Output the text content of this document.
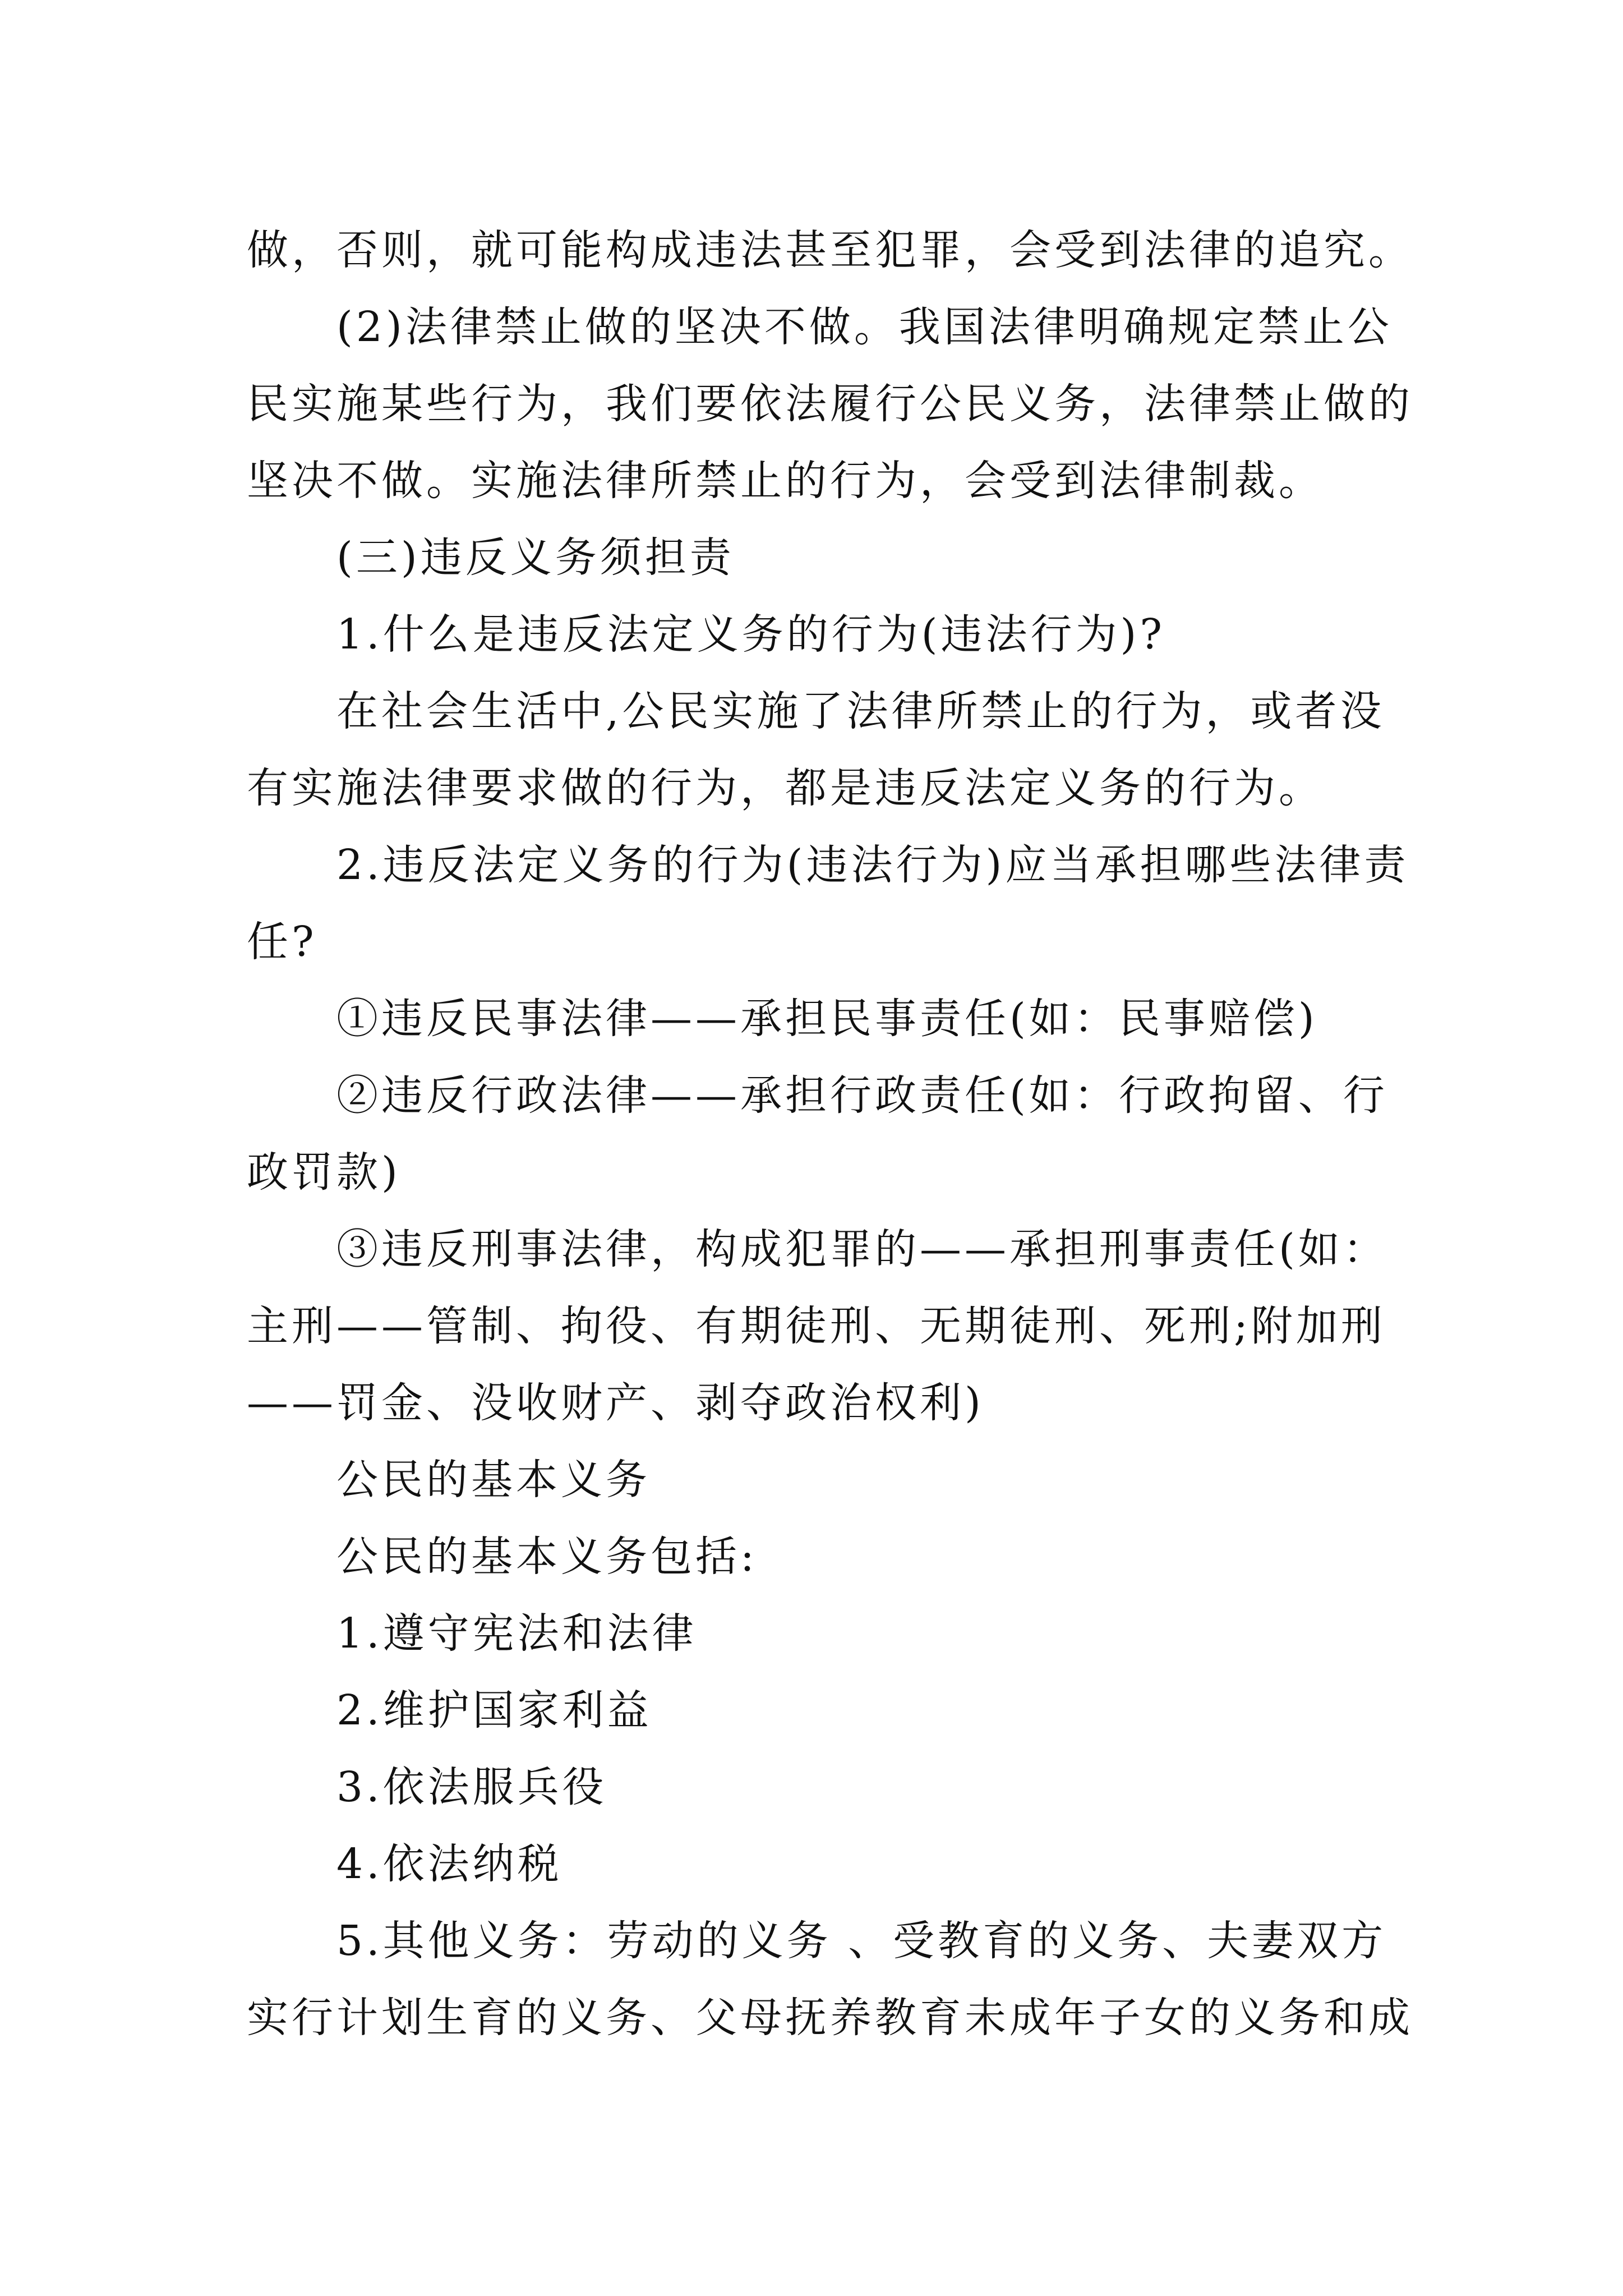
做，否则，就可能构成违法甚至犯罪，会受到法律的追究。
(2)法律禁止做的坚决不做。我国法律明确规定禁止公
民实施某些行为，我们要依法履行公民义务，法律禁止做的
坚决不做。实施法律所禁止的行为，会受到法律制裁。
(三)违反义务须担责
1.什么是违反法定义务的行为(违法行为)?
在社会生活中,公民实施了法律所禁止的行为，或者没
有实施法律要求做的行为，都是违反法定义务的行为。
2.违反法定义务的行为(违法行为)应当承担哪些法律责
任?
①违反民事法律——承担民事责任(如：民事赔偿)
②违反行政法律——承担行政责任(如：行政拘留、行
政罚款)
③违反刑事法律，构成犯罪的——承担刑事责任(如：
主刑——管制、拘役、有期徒刑、无期徒刑、死刑;附加刑
——罚金、没收财产、剥夺政治权利)
公民的基本义务
公民的基本义务包括:
1.遵守宪法和法律
2.维护国家利益
3.依法服兵役
4.依法纳税
5.其他义务：劳动的义务 、受教育的义务、夫妻双方
实行计划生育的义务、父母抚养教育未成年子女的义务和成
